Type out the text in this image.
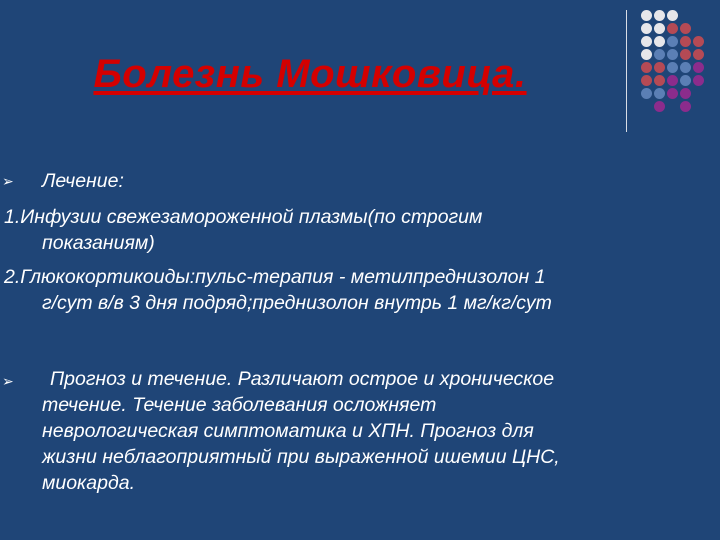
Болезнь Мошковица.
➢ Лечение:
1.Инфузии свежезамороженной плазмы(по строгим
показаниям)
2.Глюкокортикоиды:пульс-терапия - метилпреднизолон 1
г/сут в/в 3 дня подряд;преднизолон внутрь 1 мг/кг/сут
➢ Прогноз и течение. Различают острое и хроническое
течение. Течение заболевания осложняет
неврологическая симптоматика и ХПН. Прогноз для
жизни неблагоприятный при выраженной ишемии ЦНС,
миокарда.
